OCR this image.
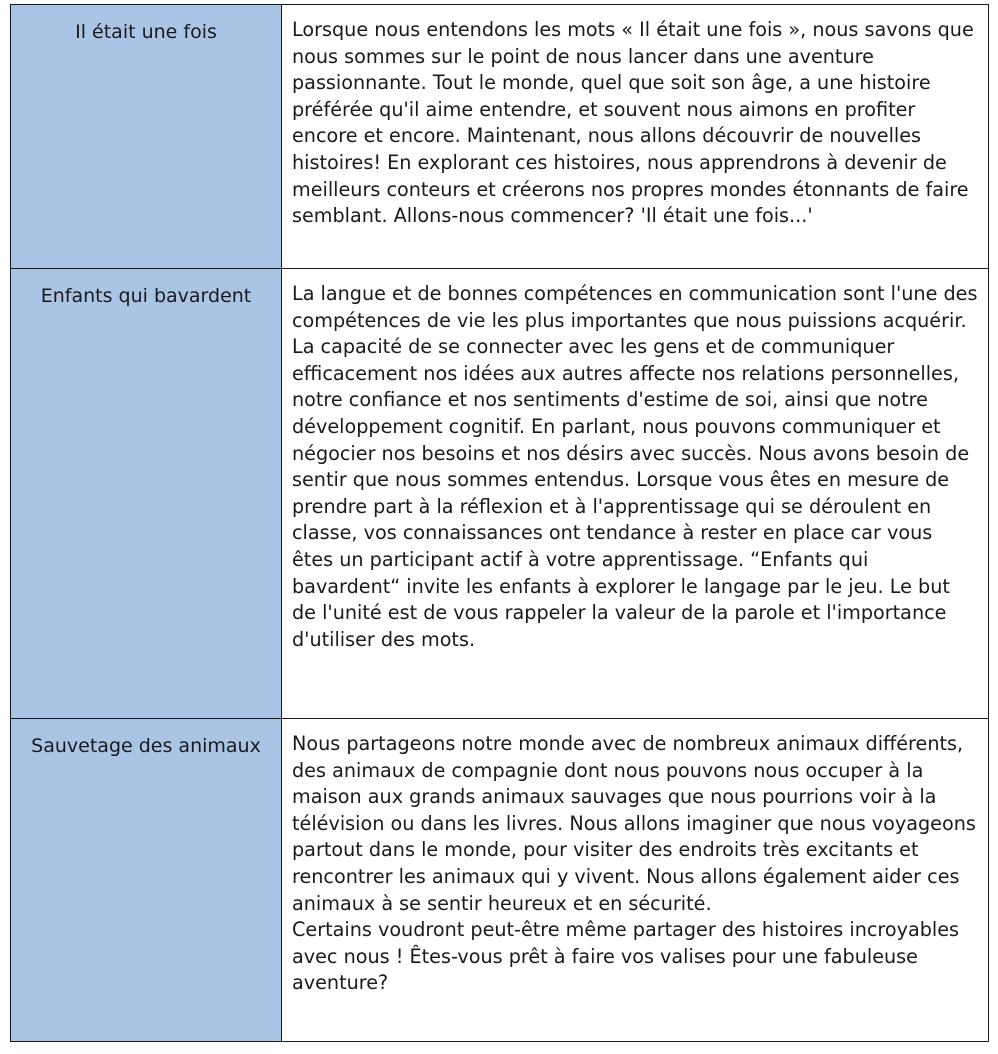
Il était une fois	Lorsque nous entendons les mots « Il était une fois », nous savons que nous sommes sur le point de nous lancer dans une aventure passionnante. Tout le monde, quel que soit son âge, a une histoire préférée qu'il aime entendre, et souvent nous aimons en profiter encore et encore. Maintenant, nous allons découvrir de nouvelles histoires! En explorant ces histoires, nous apprendrons à devenir de meilleurs conteurs et créerons nos propres mondes étonnants de faire semblant. Allons-nous commencer? 'Il était une fois...'

Enfants qui bavardent	La langue et de bonnes compétences en communication sont l'une des compétences de vie les plus importantes que nous puissions acquérir. La capacité de se connecter avec les gens et de communiquer efficacement nos idées aux autres affecte nos relations personnelles, notre confiance et nos sentiments d'estime de soi, ainsi que notre développement cognitif. En parlant, nous pouvons communiquer et négocier nos besoins et nos désirs avec succès. Nous avons besoin de sentir que nous sommes entendus. Lorsque vous êtes en mesure de prendre part à la réflexion et à l'apprentissage qui se déroulent en classe, vos connaissances ont tendance à rester en place car vous êtes un participant actif à votre apprentissage. “Enfants qui bavardent“ invite les enfants à explorer le langage par le jeu. Le but de l'unité est de vous rappeler la valeur de la parole et l'importance d'utiliser des mots.

Sauvetage des animaux	Nous partageons notre monde avec de nombreux animaux différents, des animaux de compagnie dont nous pouvons nous occuper à la maison aux grands animaux sauvages que nous pourrions voir à la télévision ou dans les livres. Nous allons imaginer que nous voyageons partout dans le monde, pour visiter des endroits très excitants et rencontrer les animaux qui y vivent. Nous allons également aider ces animaux à se sentir heureux et en sécurité.
Certains voudront peut-être même partager des histoires incroyables avec nous ! Êtes-vous prêt à faire vos valises pour une fabuleuse aventure?
